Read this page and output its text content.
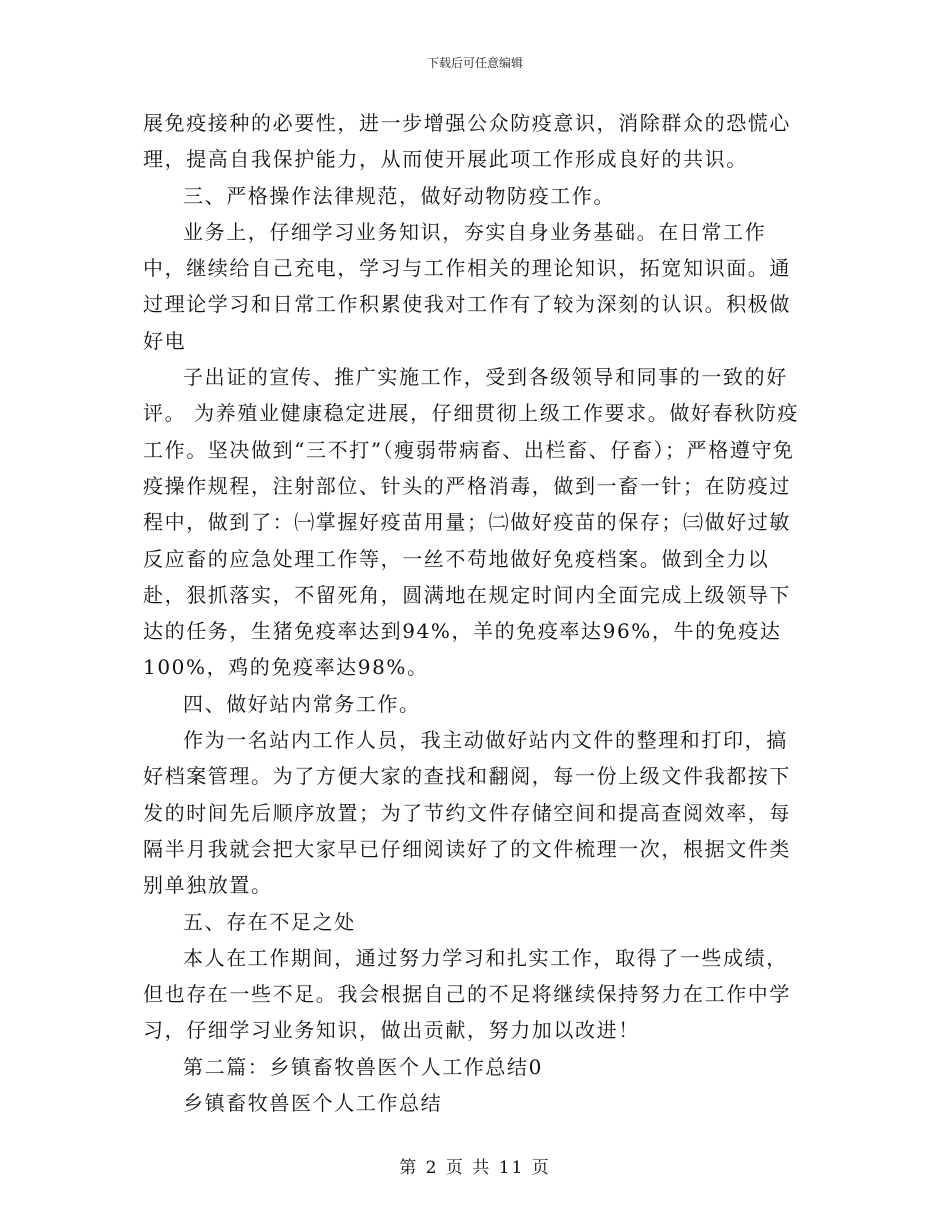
下载后可任意编辑

展免疫接种的必要性，进一步增强公众防疫意识，消除群众的恐慌心理，提高自我保护能力，从而使开展此项工作形成良好的共识。

三、严格操作法律规范，做好动物防疫工作。

业务上，仔细学习业务知识，夯实自身业务基础。在日常工作中，继续给自己充电，学习与工作相关的理论知识，拓宽知识面。通过理论学习和日常工作积累使我对工作有了较为深刻的认识。积极做好电

子出证的宣传、推广实施工作，受到各级领导和同事的一致的好评。 为养殖业健康稳定进展，仔细贯彻上级工作要求。做好春秋防疫工作。坚决做到“三不打”（瘦弱带病畜、出栏畜、仔畜）；严格遵守免疫操作规程，注射部位、针头的严格消毒，做到一畜一针；在防疫过程中，做到了：㈠掌握好疫苗用量；㈡做好疫苗的保存；㈢做好过敏反应畜的应急处理工作等，一丝不苟地做好免疫档案。做到全力以赴，狠抓落实，不留死角，圆满地在规定时间内全面完成上级领导下达的任务，生猪免疫率达到94%，羊的免疫率达96%，牛的免疫达100%，鸡的免疫率达98%。

四、做好站内常务工作。

作为一名站内工作人员，我主动做好站内文件的整理和打印，搞好档案管理。为了方便大家的查找和翻阅，每一份上级文件我都按下发的时间先后顺序放置；为了节约文件存储空间和提高查阅效率，每隔半月我就会把大家早已仔细阅读好了的文件梳理一次，根据文件类别单独放置。

五、存在不足之处

本人在工作期间，通过努力学习和扎实工作，取得了一些成绩，但也存在一些不足。我会根据自己的不足将继续保持努力在工作中学习，仔细学习业务知识，做出贡献，努力加以改进！

第二篇：乡镇畜牧兽医个人工作总结0

乡镇畜牧兽医个人工作总结

第 2 页 共 11 页
